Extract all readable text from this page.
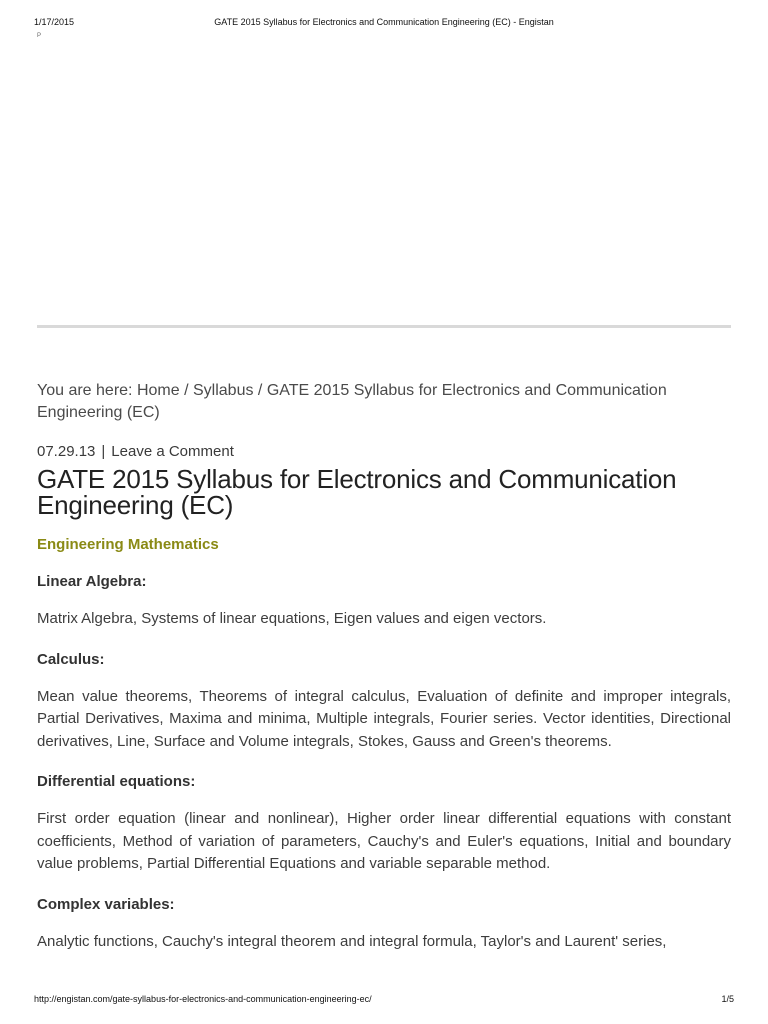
1/17/2015	GATE 2015 Syllabus for Electronics and Communication Engineering (EC) - Engistan
P

You are here: Home / Syllabus / GATE 2015 Syllabus for Electronics and Communication Engineering (EC)

07.29.13 | Leave a Comment
GATE 2015 Syllabus for Electronics and Communication Engineering (EC)
Engineering Mathematics
Linear Algebra:
Matrix Algebra, Systems of linear equations, Eigen values and eigen vectors.
Calculus:
Mean value theorems, Theorems of integral calculus, Evaluation of definite and improper integrals, Partial Derivatives, Maxima and minima, Multiple integrals, Fourier series. Vector identities, Directional derivatives, Line, Surface and Volume integrals, Stokes, Gauss and Green's theorems.
Differential equations:
First order equation (linear and nonlinear), Higher order linear differential equations with constant coefficients, Method of variation of parameters, Cauchy's and Euler's equations, Initial and boundary value problems, Partial Differential Equations and variable separable method.
Complex variables:
Analytic functions, Cauchy's integral theorem and integral formula, Taylor's and Laurent' series,
http://engistan.com/gate-syllabus-for-electronics-and-communication-engineering-ec/	1/5
